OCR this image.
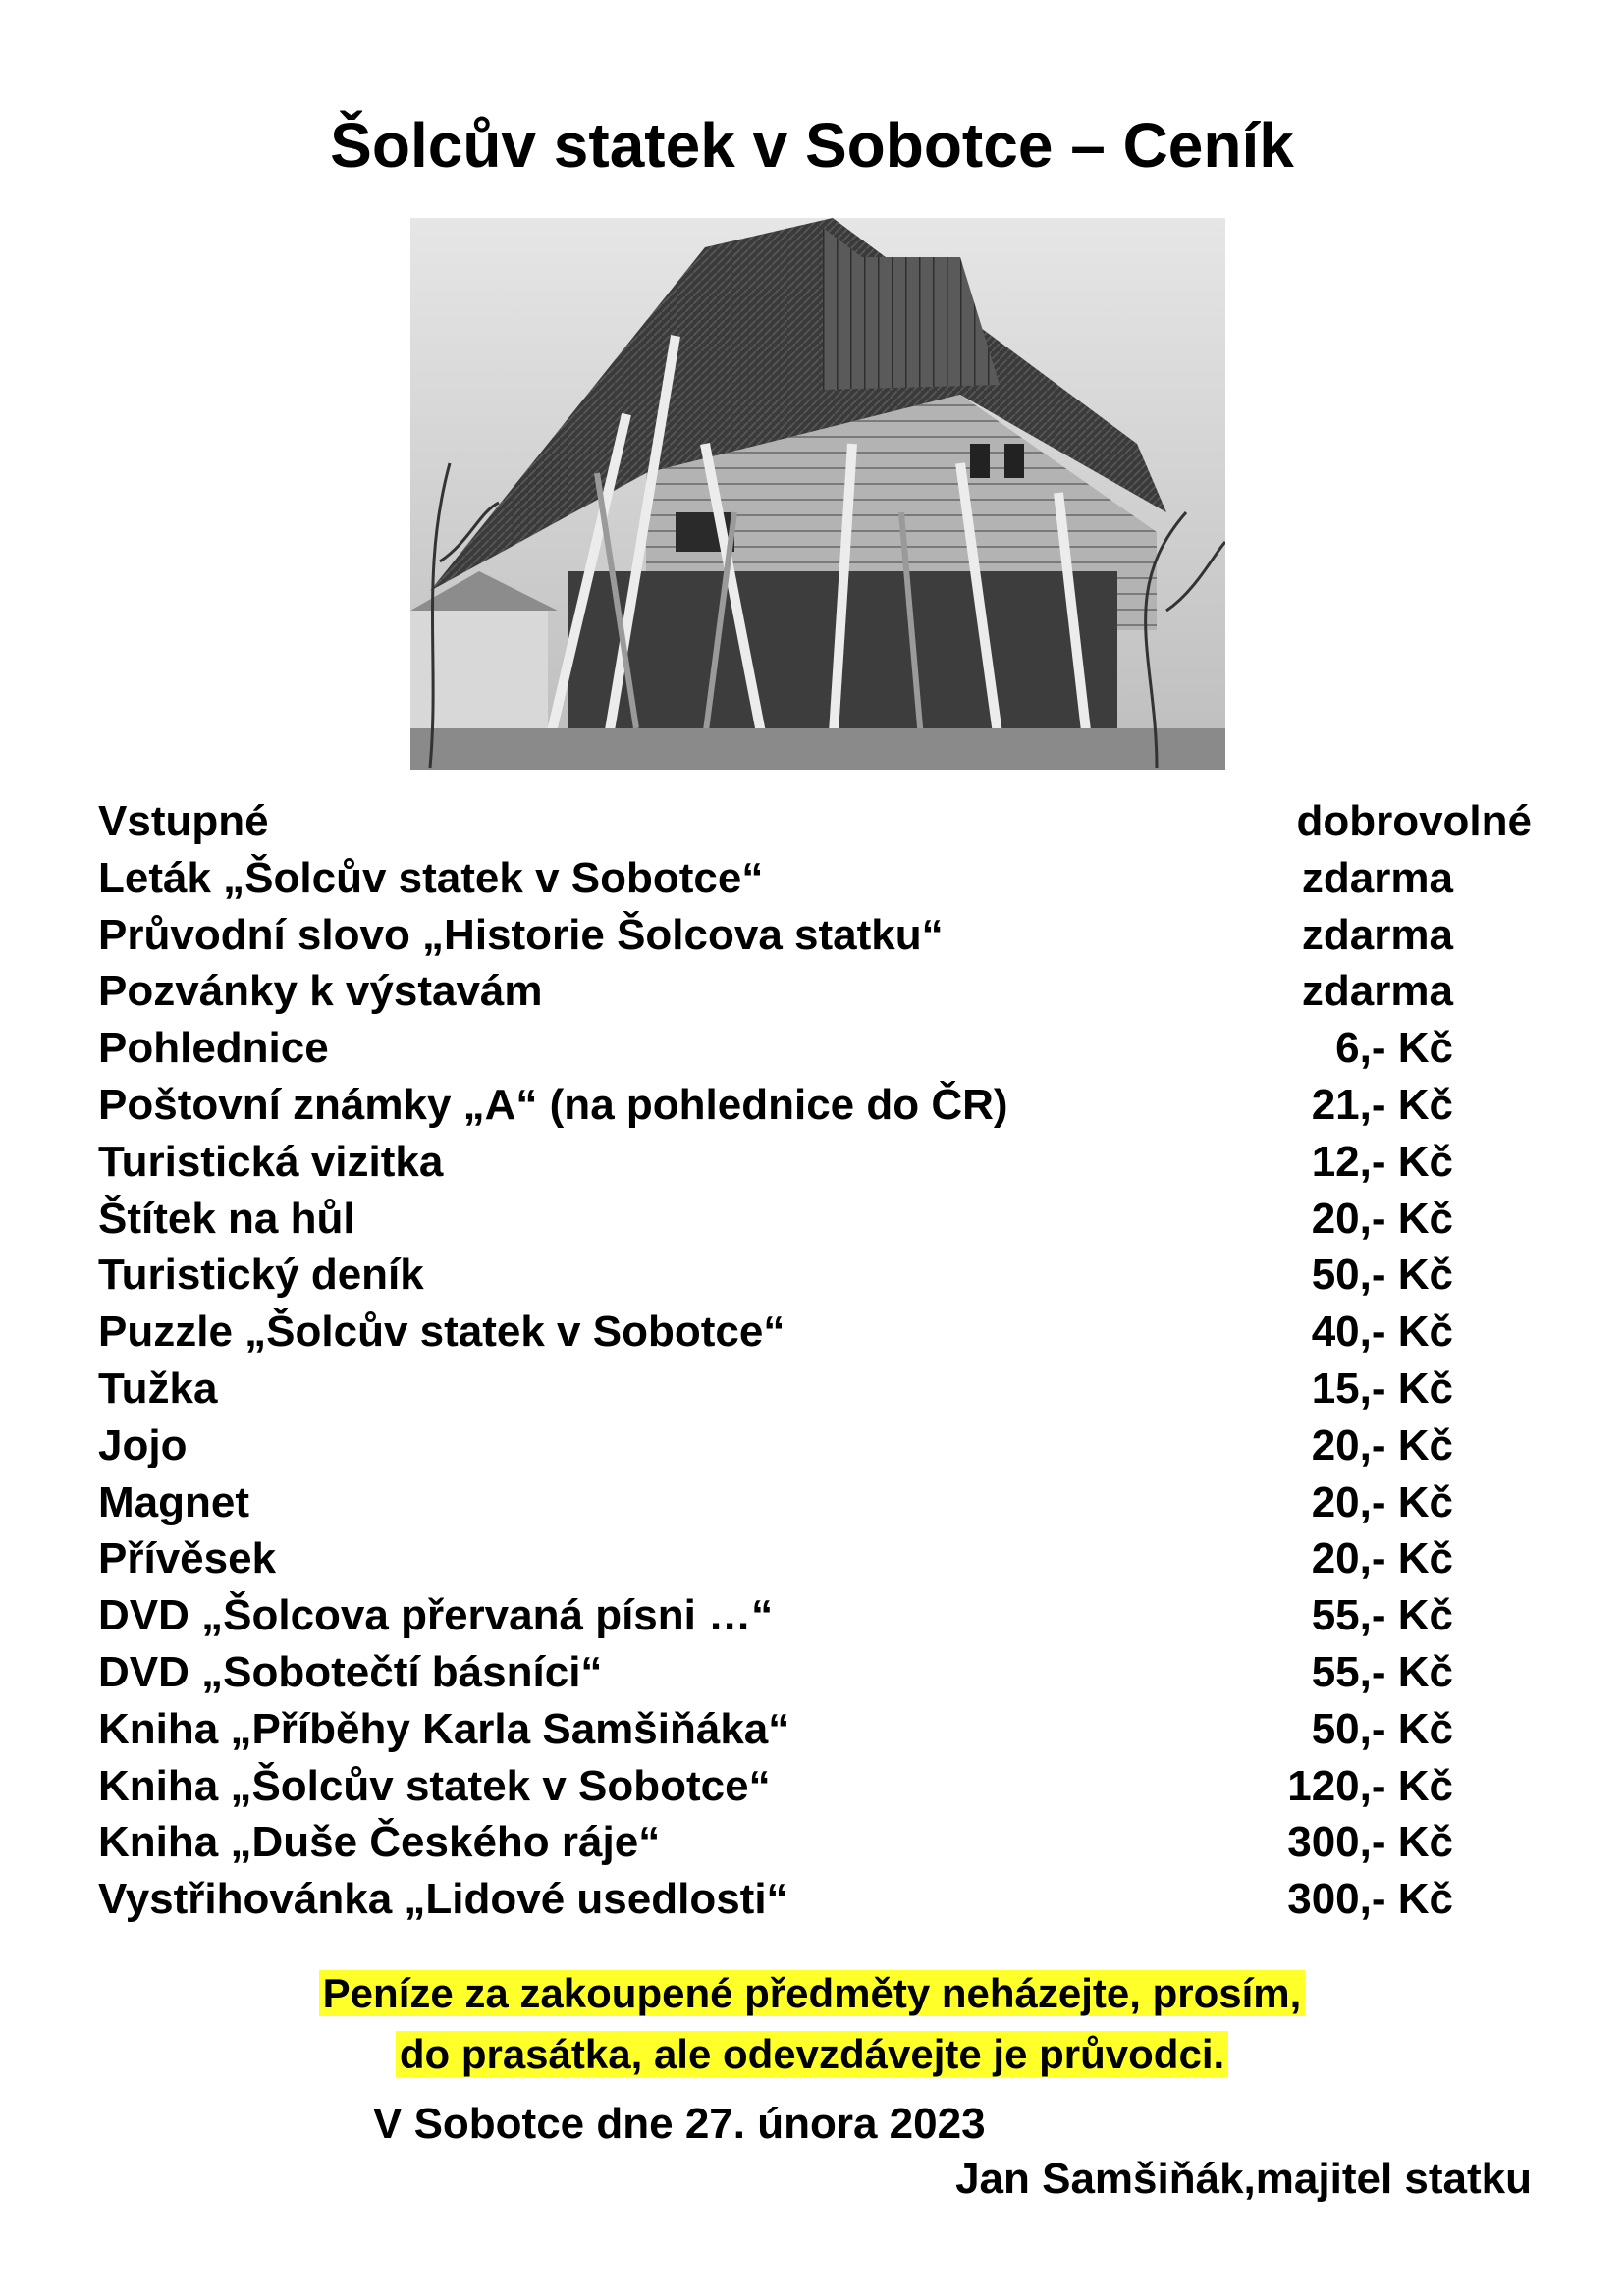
Šolcův statek v Sobotce – Ceník
Vstupné	dobrovolné
Leták „Šolcův statek v Sobotce“	zdarma
Průvodní slovo „Historie Šolcova statku“	zdarma
Pozvánky k výstavám	zdarma
Pohlednice	6,- Kč
Poštovní známky „A“ (na pohlednice do ČR)	21,- Kč
Turistická vizitka	12,- Kč
Štítek na hůl	20,- Kč
Turistický deník	50,- Kč
Puzzle „Šolcův statek v Sobotce“	40,- Kč
Tužka	15,- Kč
Jojo	20,- Kč
Magnet	20,- Kč
Přívěsek	20,- Kč
DVD „Šolcova přervaná písni …“	55,- Kč
DVD „Sobotečtí básníci“	55,- Kč
Kniha „Příběhy Karla Samšiňáka“	50,- Kč
Kniha „Šolcův statek v Sobotce“	120,- Kč
Kniha „Duše Českého ráje“	300,- Kč
Vystřihovánka „Lidové usedlosti“	300,- Kč
Peníze za zakoupené předměty neházejte, prosím,
do prasátka, ale odevzdávejte je průvodci.
V Sobotce dne 27. února 2023
Jan Samšiňák,majitel statku
